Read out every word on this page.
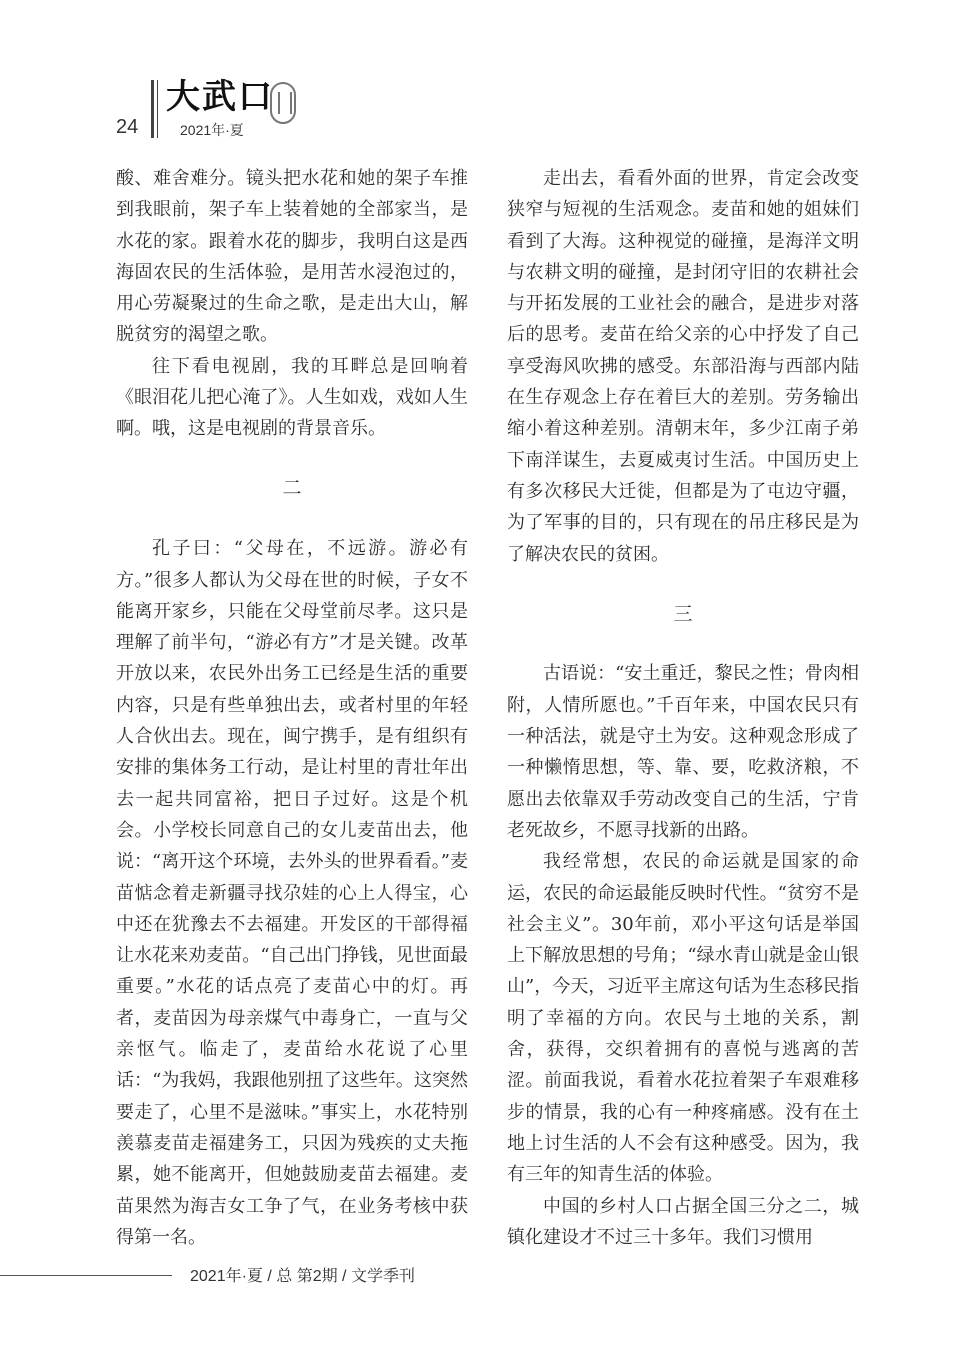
24
大武口
2021年·夏

酸、难舍难分。镜头把水花和她的架子车推到我眼前，架子车上装着她的全部家当，是水花的家。跟着水花的脚步，我明白这是西海固农民的生活体验，是用苦水浸泡过的，用心劳凝聚过的生命之歌，是走出大山，解脱贫穷的渴望之歌。

往下看电视剧，我的耳畔总是回响着《眼泪花儿把心淹了》。人生如戏，戏如人生啊。哦，这是电视剧的背景音乐。

二

孔子曰：“父母在，不远游。游必有方。”很多人都认为父母在世的时候，子女不能离开家乡，只能在父母堂前尽孝。这只是理解了前半句，“游必有方”才是关键。改革开放以来，农民外出务工已经是生活的重要内容，只是有些单独出去，或者村里的年轻人合伙出去。现在，闽宁携手，是有组织有安排的集体务工行动，是让村里的青壮年出去一起共同富裕，把日子过好。这是个机会。小学校长同意自己的女儿麦苗出去，他说：“离开这个环境，去外头的世界看看。”麦苗惦念着走新疆寻找尕娃的心上人得宝，心中还在犹豫去不去福建。开发区的干部得福让水花来劝麦苗。“自己出门挣钱，见世面最重要。”水花的话点亮了麦苗心中的灯。再者，麦苗因为母亲煤气中毒身亡，一直与父亲怄气。临走了，麦苗给水花说了心里话：“为我妈，我跟他别扭了这些年。这突然要走了，心里不是滋味。”事实上，水花特别羡慕麦苗走福建务工，只因为残疾的丈夫拖累，她不能离开，但她鼓励麦苗去福建。麦苗果然为海吉女工争了气，在业务考核中获得第一名。

走出去，看看外面的世界，肯定会改变狭窄与短视的生活观念。麦苗和她的姐妹们看到了大海。这种视觉的碰撞，是海洋文明与农耕文明的碰撞，是封闭守旧的农耕社会与开拓发展的工业社会的融合，是进步对落后的思考。麦苗在给父亲的心中抒发了自己享受海风吹拂的感受。东部沿海与西部内陆在生存观念上存在着巨大的差别。劳务输出缩小着这种差别。清朝末年，多少江南子弟下南洋谋生，去夏威夷讨生活。中国历史上有多次移民大迁徙，但都是为了屯边守疆，为了军事的目的，只有现在的吊庄移民是为了解决农民的贫困。

三

古语说：“安土重迁，黎民之性；骨肉相附，人情所愿也。”千百年来，中国农民只有一种活法，就是守土为安。这种观念形成了一种懒惰思想，等、靠、要，吃救济粮，不愿出去依靠双手劳动改变自己的生活，宁肯老死故乡，不愿寻找新的出路。

我经常想，农民的命运就是国家的命运，农民的命运最能反映时代性。“贫穷不是社会主义”。30年前，邓小平这句话是举国上下解放思想的号角；“绿水青山就是金山银山”，今天，习近平主席这句话为生态移民指明了幸福的方向。农民与土地的关系，割舍，获得，交织着拥有的喜悦与逃离的苦涩。前面我说，看着水花拉着架子车艰难移步的情景，我的心有一种疼痛感。没有在土地上讨生活的人不会有这种感受。因为，我有三年的知青生活的体验。

中国的乡村人口占据全国三分之二，城镇化建设才不过三十多年。我们习惯用

2021年·夏 / 总 第2期 / 文学季刊
